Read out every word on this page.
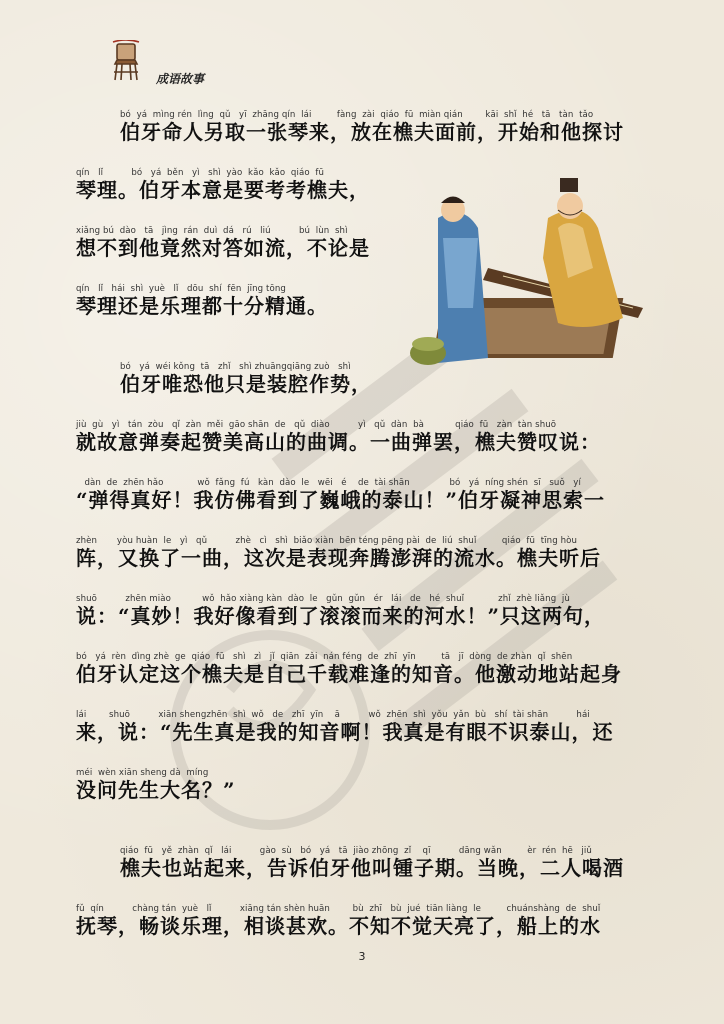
成语故事
bó  yá  mìng rén  lìng  qǔ   yī  zhāng qín  lái         fàng  zài  qiáo  fū  miàn qián        kāi  shǐ  hé   tā   tàn  tǎo
伯牙命人另取一张琴来，放在樵夫面前，开始和他探讨
qín   lǐ          bó   yá  běn   yì   shì  yào  kǎo  kǎo  qiáo  fū
琴理。伯牙本意是要考考樵夫，
xiǎng bú  dào   tā   jìng  rán  duì  dá   rú   liú          bú  lùn  shì
想不到他竟然对答如流，不论是
qín   lǐ   hái  shì  yuè   lǐ   dōu  shí  fēn  jīng tōng
琴理还是乐理都十分精通。
bó   yá  wéi kǒng  tā   zhǐ   shì zhuāngqiāng zuò   shì
伯牙唯恐他只是装腔作势，
jiù  gù   yì   tán  zòu   qǐ  zàn  měi  gāo shān  de   qǔ  diào          yì   qǔ  dàn  bà           qiáo  fū   zàn  tàn shuō
就故意弹奏起赞美高山的曲调。一曲弹罢，樵夫赞叹说：
dàn  de  zhēn hǎo            wǒ  fǎng  fú   kàn  dào  le   wēi   é    de  tài shān              bó   yá  níng shén  sī   suǒ   yí
“弹得真好！我仿佛看到了巍峨的泰山！”伯牙凝神思索一
zhèn       yòu huàn  le   yì   qǔ          zhè   cì   shì  biǎo xiàn  bēn téng pēng pài  de  liú  shuǐ         qiáo  fū  tīng hòu
阵，又换了一曲，这次是表现奔腾澎湃的流水。樵夫听后
shuō          zhēn miào           wǒ  hǎo xiàng kàn  dào  le   gǔn  gǔn   ér   lái   de   hé  shuǐ            zhǐ  zhè liǎng  jù
说：“真妙！我好像看到了滚滚而来的河水！”只这两句，
bó   yá  rèn  dìng zhè  ge  qiáo  fū   shì   zì   jǐ  qiān  zǎi  nán féng  de  zhī  yīn         tā   jī  dòng  de zhàn  qǐ  shēn
伯牙认定这个樵夫是自己千载难逢的知音。他激动地站起身
lái        shuō          xiān shengzhēn  shì  wǒ   de   zhī  yīn    ā          wǒ  zhēn  shì  yǒu  yǎn  bù   shí  tài shān          hái
来，说：“先生真是我的知音啊！我真是有眼不识泰山，还
méi  wèn xiān sheng dà  míng
没问先生大名？”
qiáo  fū   yě  zhàn  qǐ   lái          gào  sù   bó   yá   tā  jiào zhōng  zǐ    qī          dāng wǎn         èr  rén  hē   jiǔ
樵夫也站起来，告诉伯牙他叫锺子期。当晚，二人喝酒
fǔ  qín          chàng tán  yuè   lǐ          xiāng tán shèn huān        bù  zhī   bù  jué  tiān liàng  le         chuánshàng  de  shuǐ
抚琴，畅谈乐理，相谈甚欢。不知不觉天亮了，船上的水
3
